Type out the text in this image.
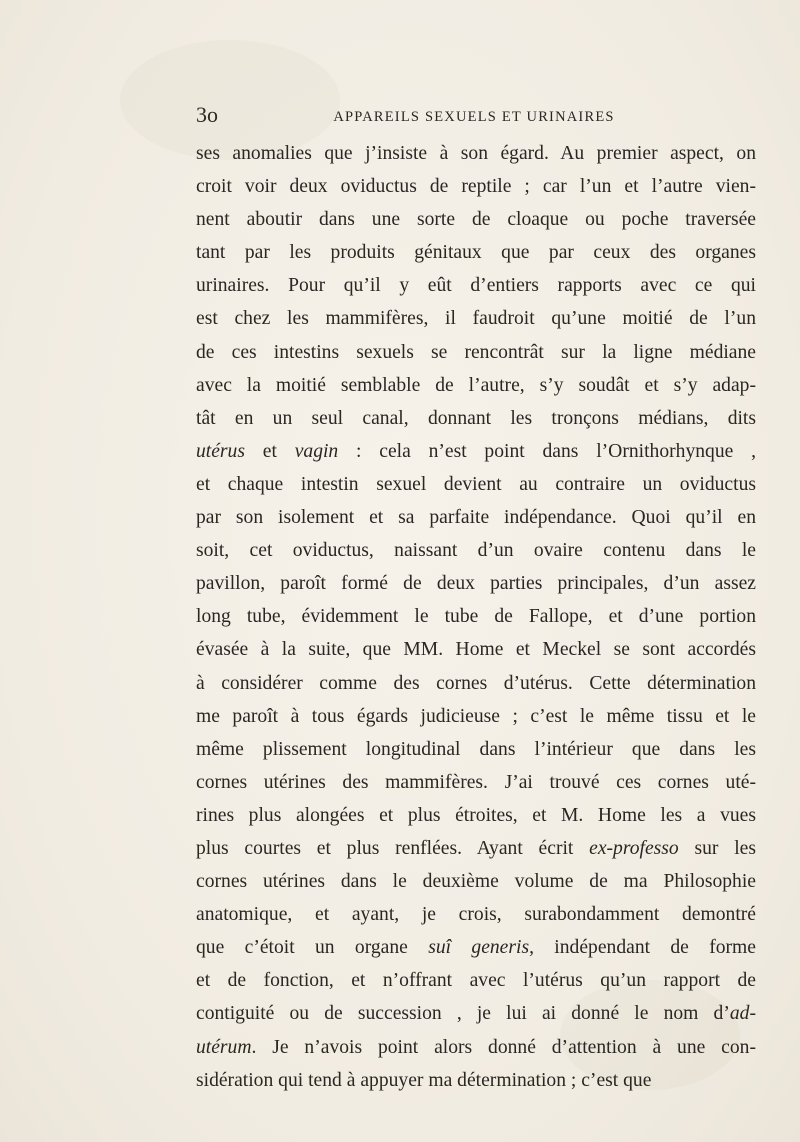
3o	APPAREILS SEXUELS ET URINAIRES
ses anomalies que j’insiste à son égard. Au premier aspect, on
croit voir deux oviductus de reptile ; car l’un et l’autre vien-
nent aboutir dans une sorte de cloaque ou poche traversée
tant par les produits génitaux que par ceux des organes
urinaires. Pour qu’il y eût d’entiers rapports avec ce qui
est chez les mammifères, il faudroit qu’une moitié de l’un
de ces intestins sexuels se rencontrât sur la ligne médiane
avec la moitié semblable de l’autre, s’y soudât et s’y adap-
tât en un seul canal, donnant les tronçons médians, dits
utérus et vagin : cela n’est point dans l’Ornithorhynque ,
et chaque intestin sexuel devient au contraire un oviductus
par son isolement et sa parfaite indépendance. Quoi qu’il en
soit, cet oviductus, naissant d’un ovaire contenu dans le
pavillon, paroît formé de deux parties principales, d’un assez
long tube, évidemment le tube de Fallope, et d’une portion
évasée à la suite, que MM. Home et Meckel se sont accordés
à considérer comme des cornes d’utérus. Cette détermination
me paroît à tous égards judicieuse ; c’est le même tissu et le
même plissement longitudinal dans l’intérieur que dans les
cornes utérines des mammifères. J’ai trouvé ces cornes uté-
rines plus alongées et plus étroites, et M. Home les a vues
plus courtes et plus renflées. Ayant écrit ex-professo sur les
cornes utérines dans le deuxième volume de ma Philosophie
anatomique, et ayant, je crois, surabondamment demontré
que c’étoit un organe suî generis, indépendant de forme
et de fonction, et n’offrant avec l’utérus qu’un rapport de
contiguité ou de succession , je lui ai donné le nom d’ad-
utérum. Je n’avois point alors donné d’attention à une con-
sidération qui tend à appuyer ma détermination ; c’est que
